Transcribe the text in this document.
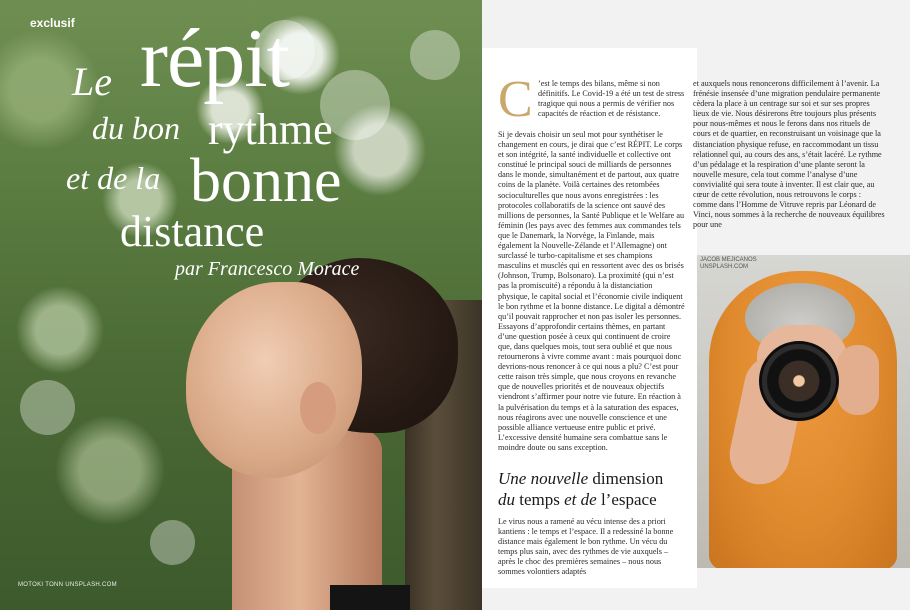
exclusif
Le répit
du bon rythme
et de la bonne
distance
par Francesco Morace
MOTOKI TONN UNSPLASH.COM
C ’est le temps des bilans, même si non définitifs. Le Covid-19 a été un test de stress tragique qui nous a permis de vérifier nos capacités de réaction et de résistance.
Si je devais choisir un seul mot pour synthétiser le changement en cours, je dirai que c’est RÉPIT. Le corps et son intégrité, la santé individuelle et collective ont constitué le principal souci de milliards de personnes dans le monde, simultanément et de partout, aux quatre coins de la planète. Voilà certaines des retombées socioculturelles que nous avons enregistrées : les protocoles collaboratifs de la science ont sauvé des millions de personnes, la Santé Publique et le Welfare au féminin (les pays avec des femmes aux commandes tels que le Danemark, la Norvège, la Finlande, mais également la Nouvelle-Zélande et l’Allemagne) ont surclassé le turbo-capitalisme et ses champions masculins et musclés qui en ressortent avec des os brisés (Johnson, Trump, Bolsonaro). La proximité (qui n’est pas la promiscuité) a répondu à la distanciation physique, le capital social et l’économie civile indiquent le bon rythme et la bonne distance. Le digital a démontré qu’il pouvait rapprocher et non pas isoler les personnes. Essayons d’approfondir certains thèmes, en partant d’une question posée à ceux qui continuent de croire que, dans quelques mois, tout sera oublié et que nous retournerons à vivre comme avant : mais pourquoi donc devrions-nous renoncer à ce qui nous a plu? C’est pour cette raison très simple, que nous croyons en revanche que de nouvelles priorités et de nouveaux objectifs viendront s’affirmer pour notre vie future. En réaction à la pulvérisation du temps et à la saturation des espaces, nous réagirons avec une nouvelle conscience et une possible alliance vertueuse entre public et privé. L’excessive densité humaine sera combattue sans le moindre doute ou sans exception.
Une nouvelle dimension
du temps et de l’espace
Le virus nous a ramené au vécu intense des a priori kantiens : le temps et l’espace. Il a redessiné la bonne distance mais également le bon rythme. Un vécu du temps plus sain, avec des rythmes de vie auxquels – après le choc des premières semaines – nous nous sommes volontiers adaptés
et auxquels nous renoncerons difficilement à l’avenir. La frénésie insensée d’une migration pendulaire permanente cèdera la place à un centrage sur soi et sur ses propres lieux de vie. Nous désirerons être toujours plus présents pour nous-mêmes et nous le ferons dans nos rituels de cours et de quartier, en reconstruisant un voisinage que la distanciation physique refuse, en raccommodant un tissu relationnel qui, au cours des ans, s’était lacéré. Le rythme d’un pédalage et la respiration d’une plante seront la nouvelle mesure, cela tout comme l’analyse d’une convivialité qui sera toute à inventer. Il est clair que, au cœur de cette révolution, nous retrouvons le corps : comme dans l’Homme de Vitruve repris par Léonard de Vinci, nous sommes à la recherche de nouveaux équilibres pour une
JACOB MEJICANOS
UNSPLASH.COM
